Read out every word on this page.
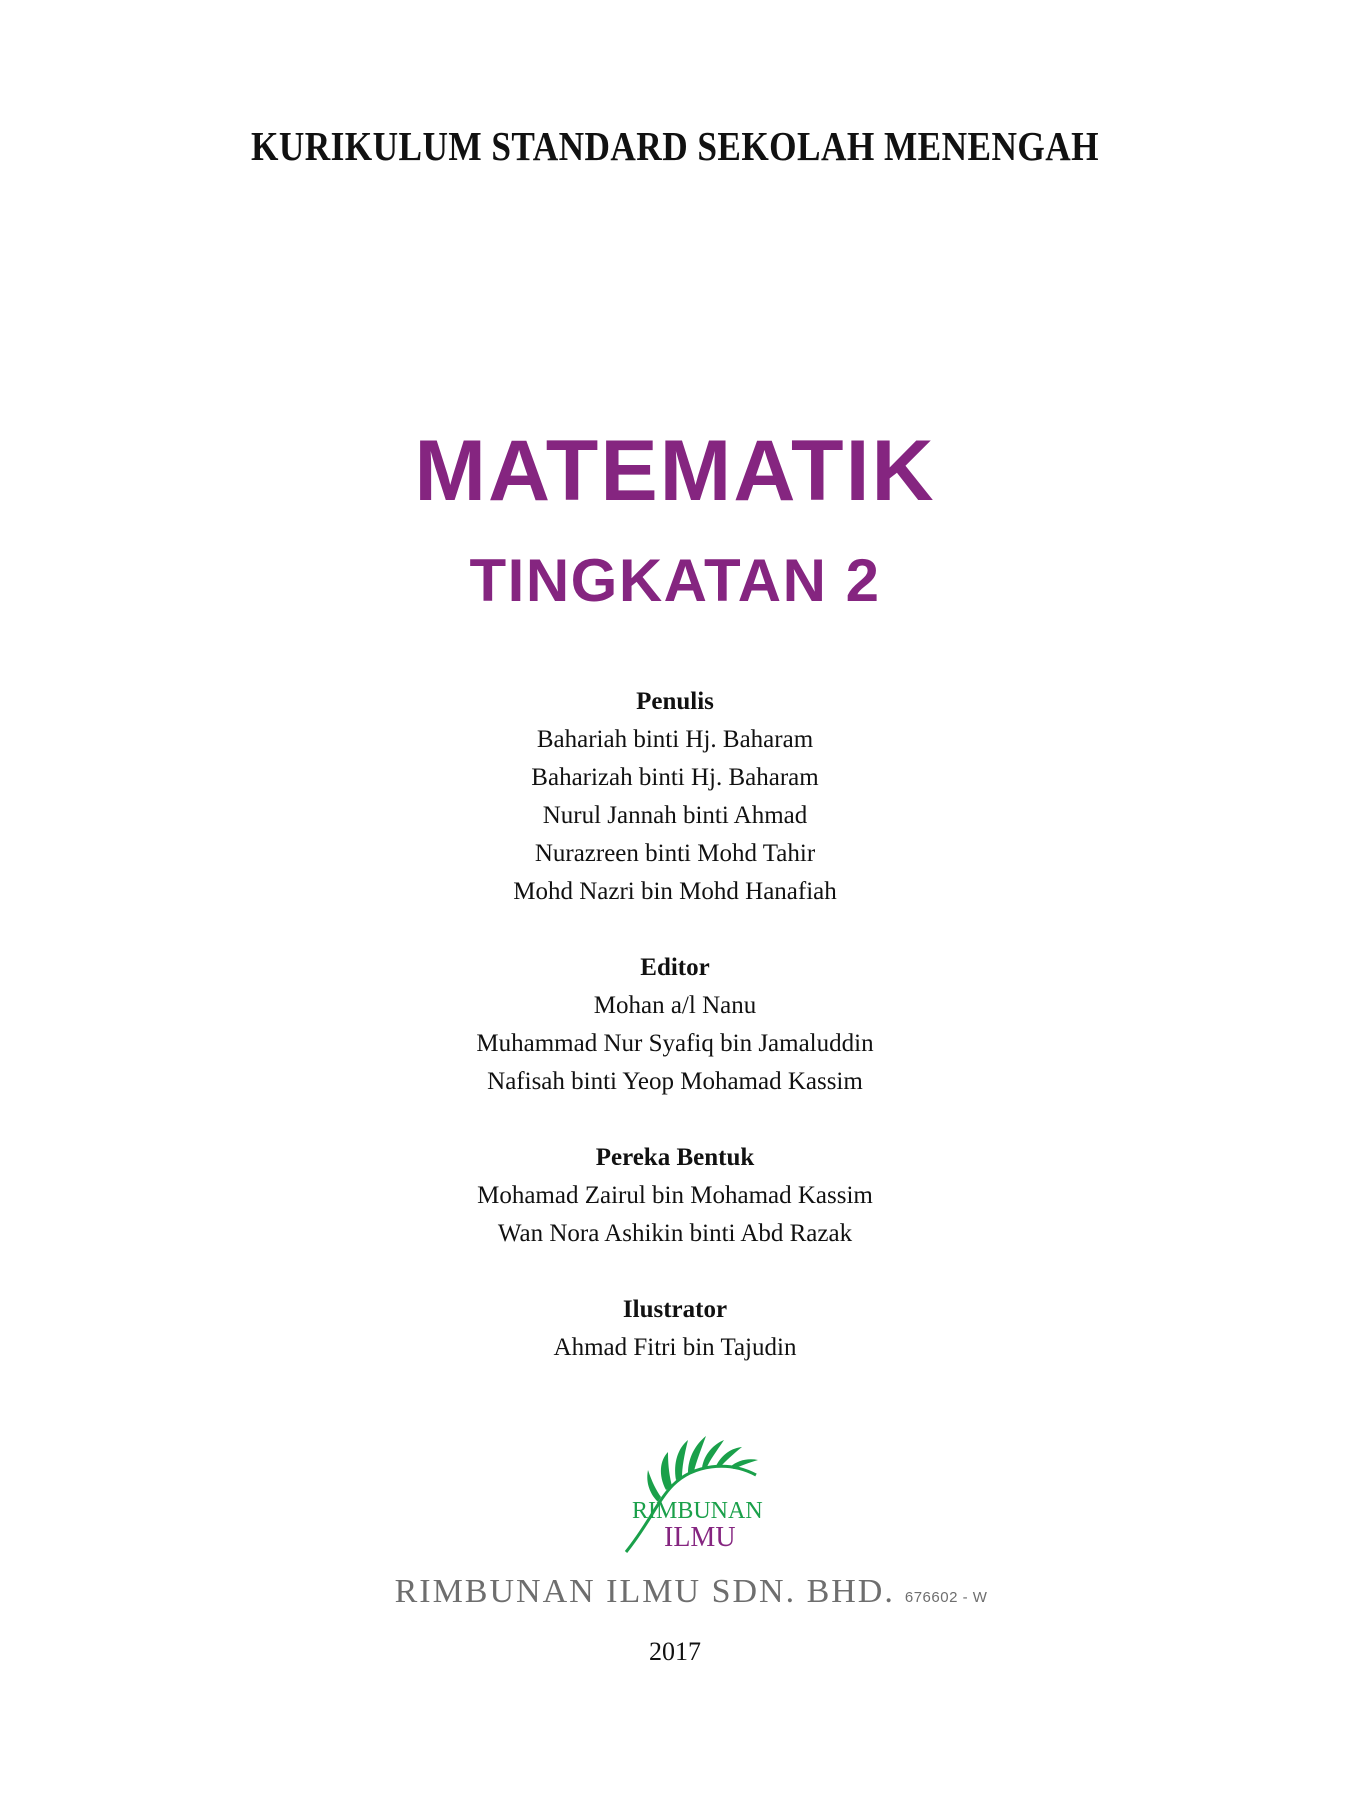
KURIKULUM STANDARD SEKOLAH MENENGAH
MATEMATIK
TINGKATAN 2
Penulis
Bahariah binti Hj. Baharam
Baharizah binti Hj. Baharam
Nurul Jannah binti Ahmad
Nurazreen binti Mohd Tahir
Mohd Nazri bin Mohd Hanafiah
Editor
Mohan a/l Nanu
Muhammad Nur Syafiq bin Jamaluddin
Nafisah binti Yeop Mohamad Kassim
Pereka Bentuk
Mohamad Zairul bin Mohamad Kassim
Wan Nora Ashikin binti Abd Razak
Ilustrator
Ahmad Fitri bin Tajudin
RIMBUNAN
ILMU
RIMBUNAN ILMU SDN. BHD. 676602 - W
2017
